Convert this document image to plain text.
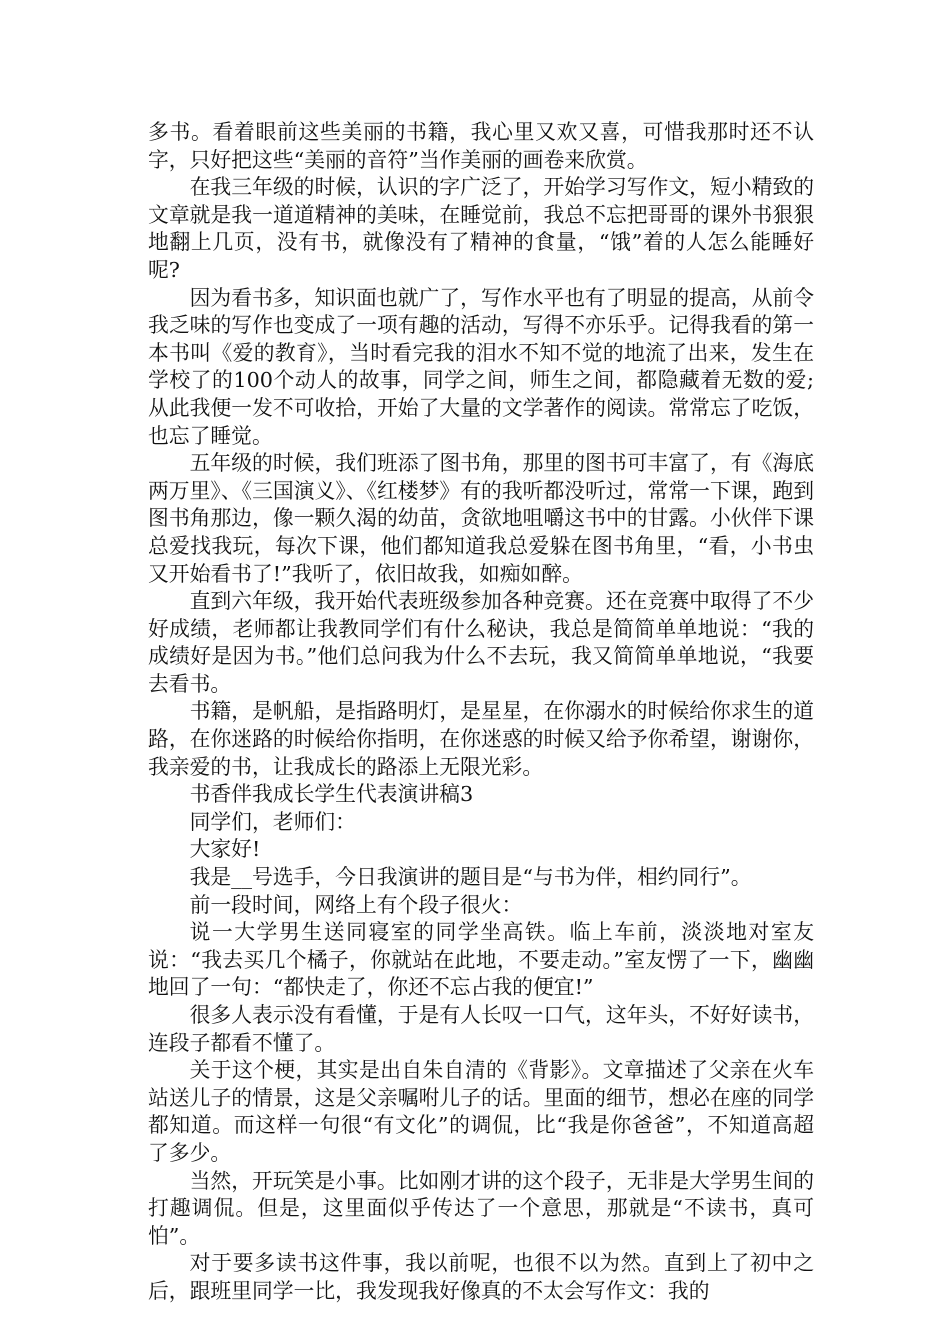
多书。看着眼前这些美丽的书籍，我心里又欢又喜，可惜我那时还不认字，只好把这些“美丽的音符”当作美丽的画卷来欣赏。

在我三年级的时候，认识的字广泛了，开始学习写作文，短小精致的文章就是我一道道精神的美味，在睡觉前，我总不忘把哥哥的课外书狠狠地翻上几页，没有书，就像没有了精神的食量，“饿”着的人怎么能睡好呢?

因为看书多，知识面也就广了，写作水平也有了明显的提高，从前令我乏味的写作也变成了一项有趣的活动，写得不亦乐乎。记得我看的第一本书叫《爱的教育》，当时看完我的泪水不知不觉的地流了出来，发生在学校了的100个动人的故事，同学之间，师生之间，都隐藏着无数的爱;从此我便一发不可收拾，开始了大量的文学著作的阅读。常常忘了吃饭，也忘了睡觉。

五年级的时候，我们班添了图书角，那里的图书可丰富了，有《海底两万里》、《三国演义》、《红楼梦》有的我听都没听过，常常一下课，跑到图书角那边，像一颗久渴的幼苗，贪欲地咀嚼这书中的甘露。小伙伴下课总爱找我玩，每次下课，他们都知道我总爱躲在图书角里，“看，小书虫又开始看书了!”我听了，依旧故我，如痴如醉。

直到六年级，我开始代表班级参加各种竞赛。还在竞赛中取得了不少好成绩，老师都让我教同学们有什么秘诀，我总是简简单单地说：“我的成绩好是因为书。”他们总问我为什么不去玩，我又简简单单地说，“我要去看书。

书籍，是帆船，是指路明灯，是星星，在你溺水的时候给你求生的道路，在你迷路的时候给你指明，在你迷惑的时候又给予你希望，谢谢你，我亲爱的书，让我成长的路添上无限光彩。

书香伴我成长学生代表演讲稿3

同学们，老师们：

大家好!

我是__号选手，今日我演讲的题目是“与书为伴，相约同行”。

前一段时间，网络上有个段子很火：

说一大学男生送同寝室的同学坐高铁。临上车前，淡淡地对室友说：“我去买几个橘子，你就站在此地，不要走动。”室友愣了一下，幽幽地回了一句：“都快走了，你还不忘占我的便宜!”

很多人表示没有看懂，于是有人长叹一口气，这年头，不好好读书，连段子都看不懂了。

关于这个梗，其实是出自朱自清的《背影》。文章描述了父亲在火车站送儿子的情景，这是父亲嘱咐儿子的话。里面的细节，想必在座的同学都知道。而这样一句很“有文化”的调侃，比“我是你爸爸”，不知道高超了多少。

当然，开玩笑是小事。比如刚才讲的这个段子，无非是大学男生间的打趣调侃。但是，这里面似乎传达了一个意思，那就是“不读书，真可怕”。

对于要多读书这件事，我以前呢，也很不以为然。直到上了初中之后，跟班里同学一比，我发现我好像真的不太会写作文：我的
